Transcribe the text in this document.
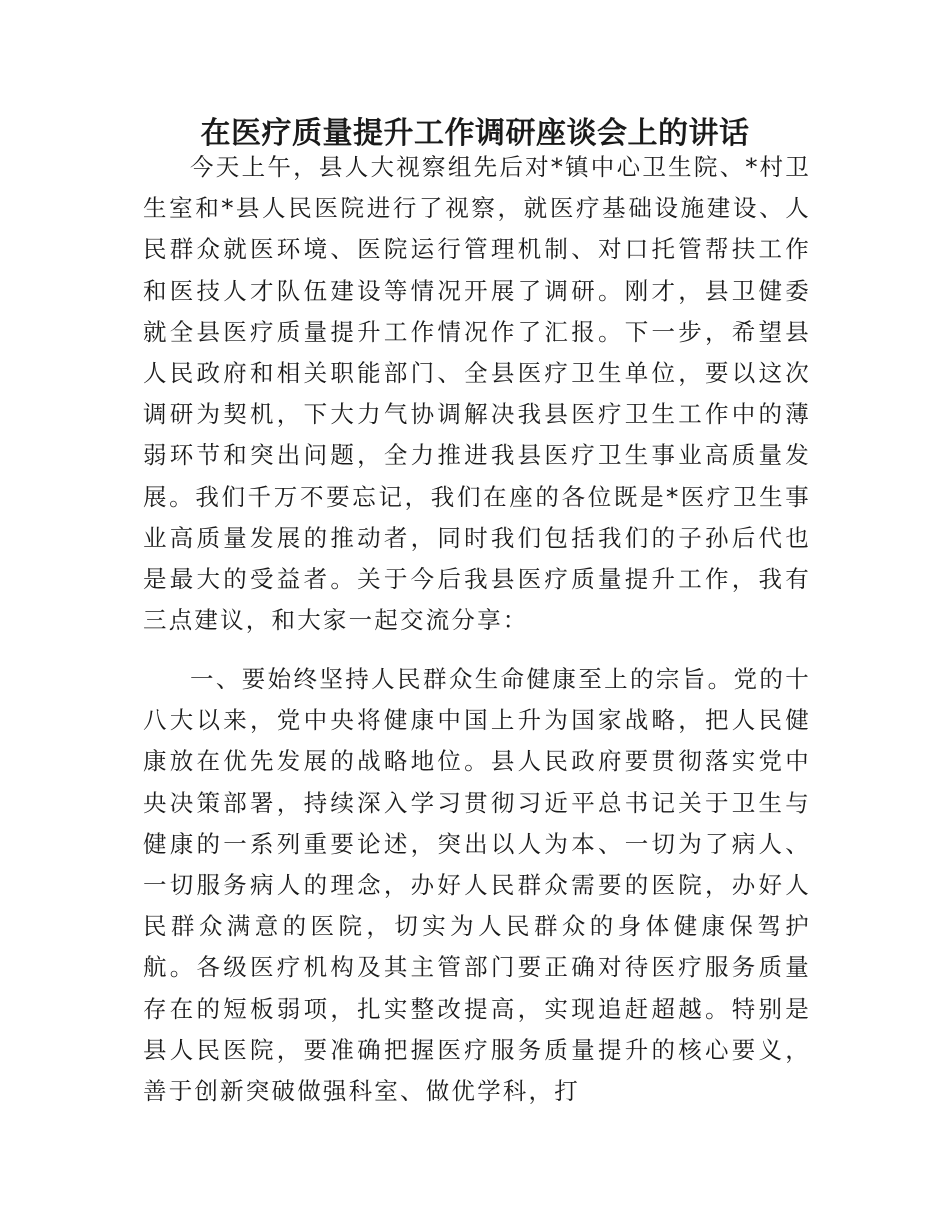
在医疗质量提升工作调研座谈会上的讲话

今天上午，县人大视察组先后对*镇中心卫生院、*村卫生室和*县人民医院进行了视察，就医疗基础设施建设、人民群众就医环境、医院运行管理机制、对口托管帮扶工作和医技人才队伍建设等情况开展了调研。刚才，县卫健委就全县医疗质量提升工作情况作了汇报。下一步，希望县人民政府和相关职能部门、全县医疗卫生单位，要以这次调研为契机，下大力气协调解决我县医疗卫生工作中的薄弱环节和突出问题，全力推进我县医疗卫生事业高质量发展。我们千万不要忘记，我们在座的各位既是*医疗卫生事业高质量发展的推动者，同时我们包括我们的子孙后代也是最大的受益者。关于今后我县医疗质量提升工作，我有三点建议，和大家一起交流分享：

一、要始终坚持人民群众生命健康至上的宗旨。党的十八大以来，党中央将健康中国上升为国家战略，把人民健康放在优先发展的战略地位。县人民政府要贯彻落实党中央决策部署，持续深入学习贯彻习近平总书记关于卫生与健康的一系列重要论述，突出以人为本、一切为了病人、一切服务病人的理念，办好人民群众需要的医院，办好人民群众满意的医院，切实为人民群众的身体健康保驾护航。各级医疗机构及其主管部门要正确对待医疗服务质量存在的短板弱项，扎实整改提高，实现追赶超越。特别是县人民医院，要准确把握医疗服务质量提升的核心要义，善于创新突破做强科室、做优学科，打
